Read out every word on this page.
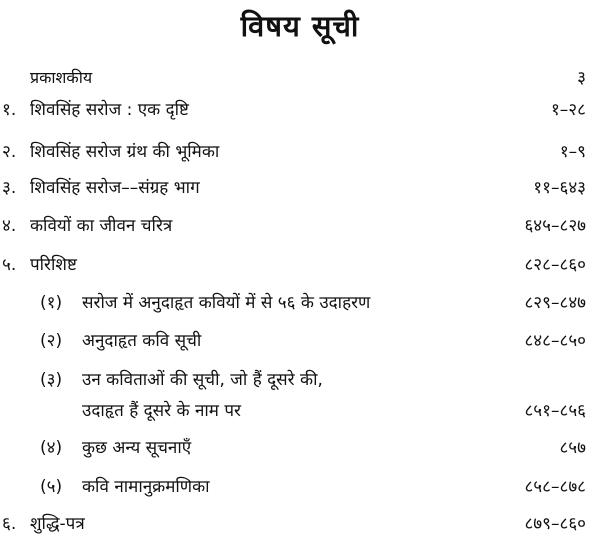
विषय सूची
प्रकाशकीय	३
१. शिवसिंह सरोज : एक दृष्टि	१–२८
२. शिवसिंह सरोज ग्रंथ की भूमिका	१–९
३. शिवसिंह सरोज––संग्रह भाग	११–६४३
४. कवियों का जीवन चरित्र	६४५–८२७
५. परिशिष्ट	८२८–८६०
(१) सरोज में अनुदाहृत कवियों में से ५६ के उदाहरण	८२९–८४७
(२) अनुदाहृत कवि सूची	८४८–८५०
(३) उन कविताओं की सूची, जो हैं दूसरे की,
उदाहृत हैं दूसरे के नाम पर	८५१–८५६
(४) कुछ अन्य सूचनाएँ	८५७
(५) कवि नामानुक्रमणिका	८५८–८७८
६. शुद्धि-पत्र	८७९–८६०
